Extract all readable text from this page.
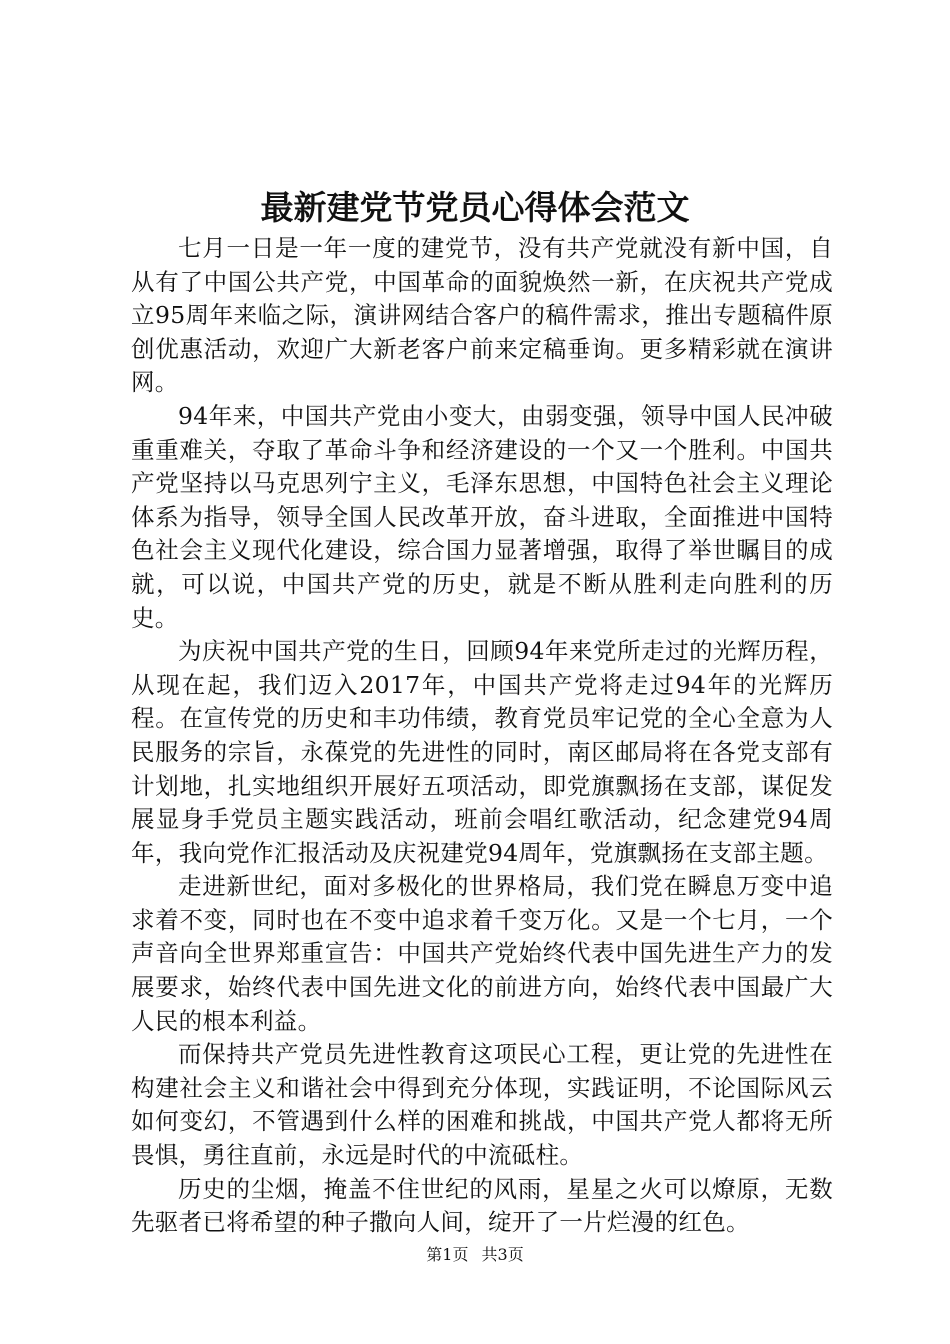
最新建党节党员心得体会范文

七月一日是一年一度的建党节，没有共产党就没有新中国，自从有了中国公共产党，中国革命的面貌焕然一新，在庆祝共产党成立95周年来临之际，演讲网结合客户的稿件需求，推出专题稿件原创优惠活动，欢迎广大新老客户前来定稿垂询。更多精彩就在演讲网。

94年来，中国共产党由小变大，由弱变强，领导中国人民冲破重重难关，夺取了革命斗争和经济建设的一个又一个胜利。中国共产党坚持以马克思列宁主义，毛泽东思想，中国特色社会主义理论体系为指导，领导全国人民改革开放，奋斗进取，全面推进中国特色社会主义现代化建设，综合国力显著增强，取得了举世瞩目的成就，可以说，中国共产党的历史，就是不断从胜利走向胜利的历史。

为庆祝中国共产党的生日，回顾94年来党所走过的光辉历程，从现在起，我们迈入2017年，中国共产党将走过94年的光辉历程。在宣传党的历史和丰功伟绩，教育党员牢记党的全心全意为人民服务的宗旨，永葆党的先进性的同时，南区邮局将在各党支部有计划地，扎实地组织开展好五项活动，即党旗飘扬在支部，谋促发展显身手党员主题实践活动，班前会唱红歌活动，纪念建党94周年，我向党作汇报活动及庆祝建党94周年，党旗飘扬在支部主题。

走进新世纪，面对多极化的世界格局，我们党在瞬息万变中追求着不变，同时也在不变中追求着千变万化。又是一个七月，一个声音向全世界郑重宣告：中国共产党始终代表中国先进生产力的发展要求，始终代表中国先进文化的前进方向，始终代表中国最广大人民的根本利益。

而保持共产党员先进性教育这项民心工程，更让党的先进性在构建社会主义和谐社会中得到充分体现，实践证明，不论国际风云如何变幻，不管遇到什么样的困难和挑战，中国共产党人都将无所畏惧，勇往直前，永远是时代的中流砥柱。

历史的尘烟，掩盖不住世纪的风雨，星星之火可以燎原，无数先驱者已将希望的种子撒向人间，绽开了一片烂漫的红色。

第1页 共3页
